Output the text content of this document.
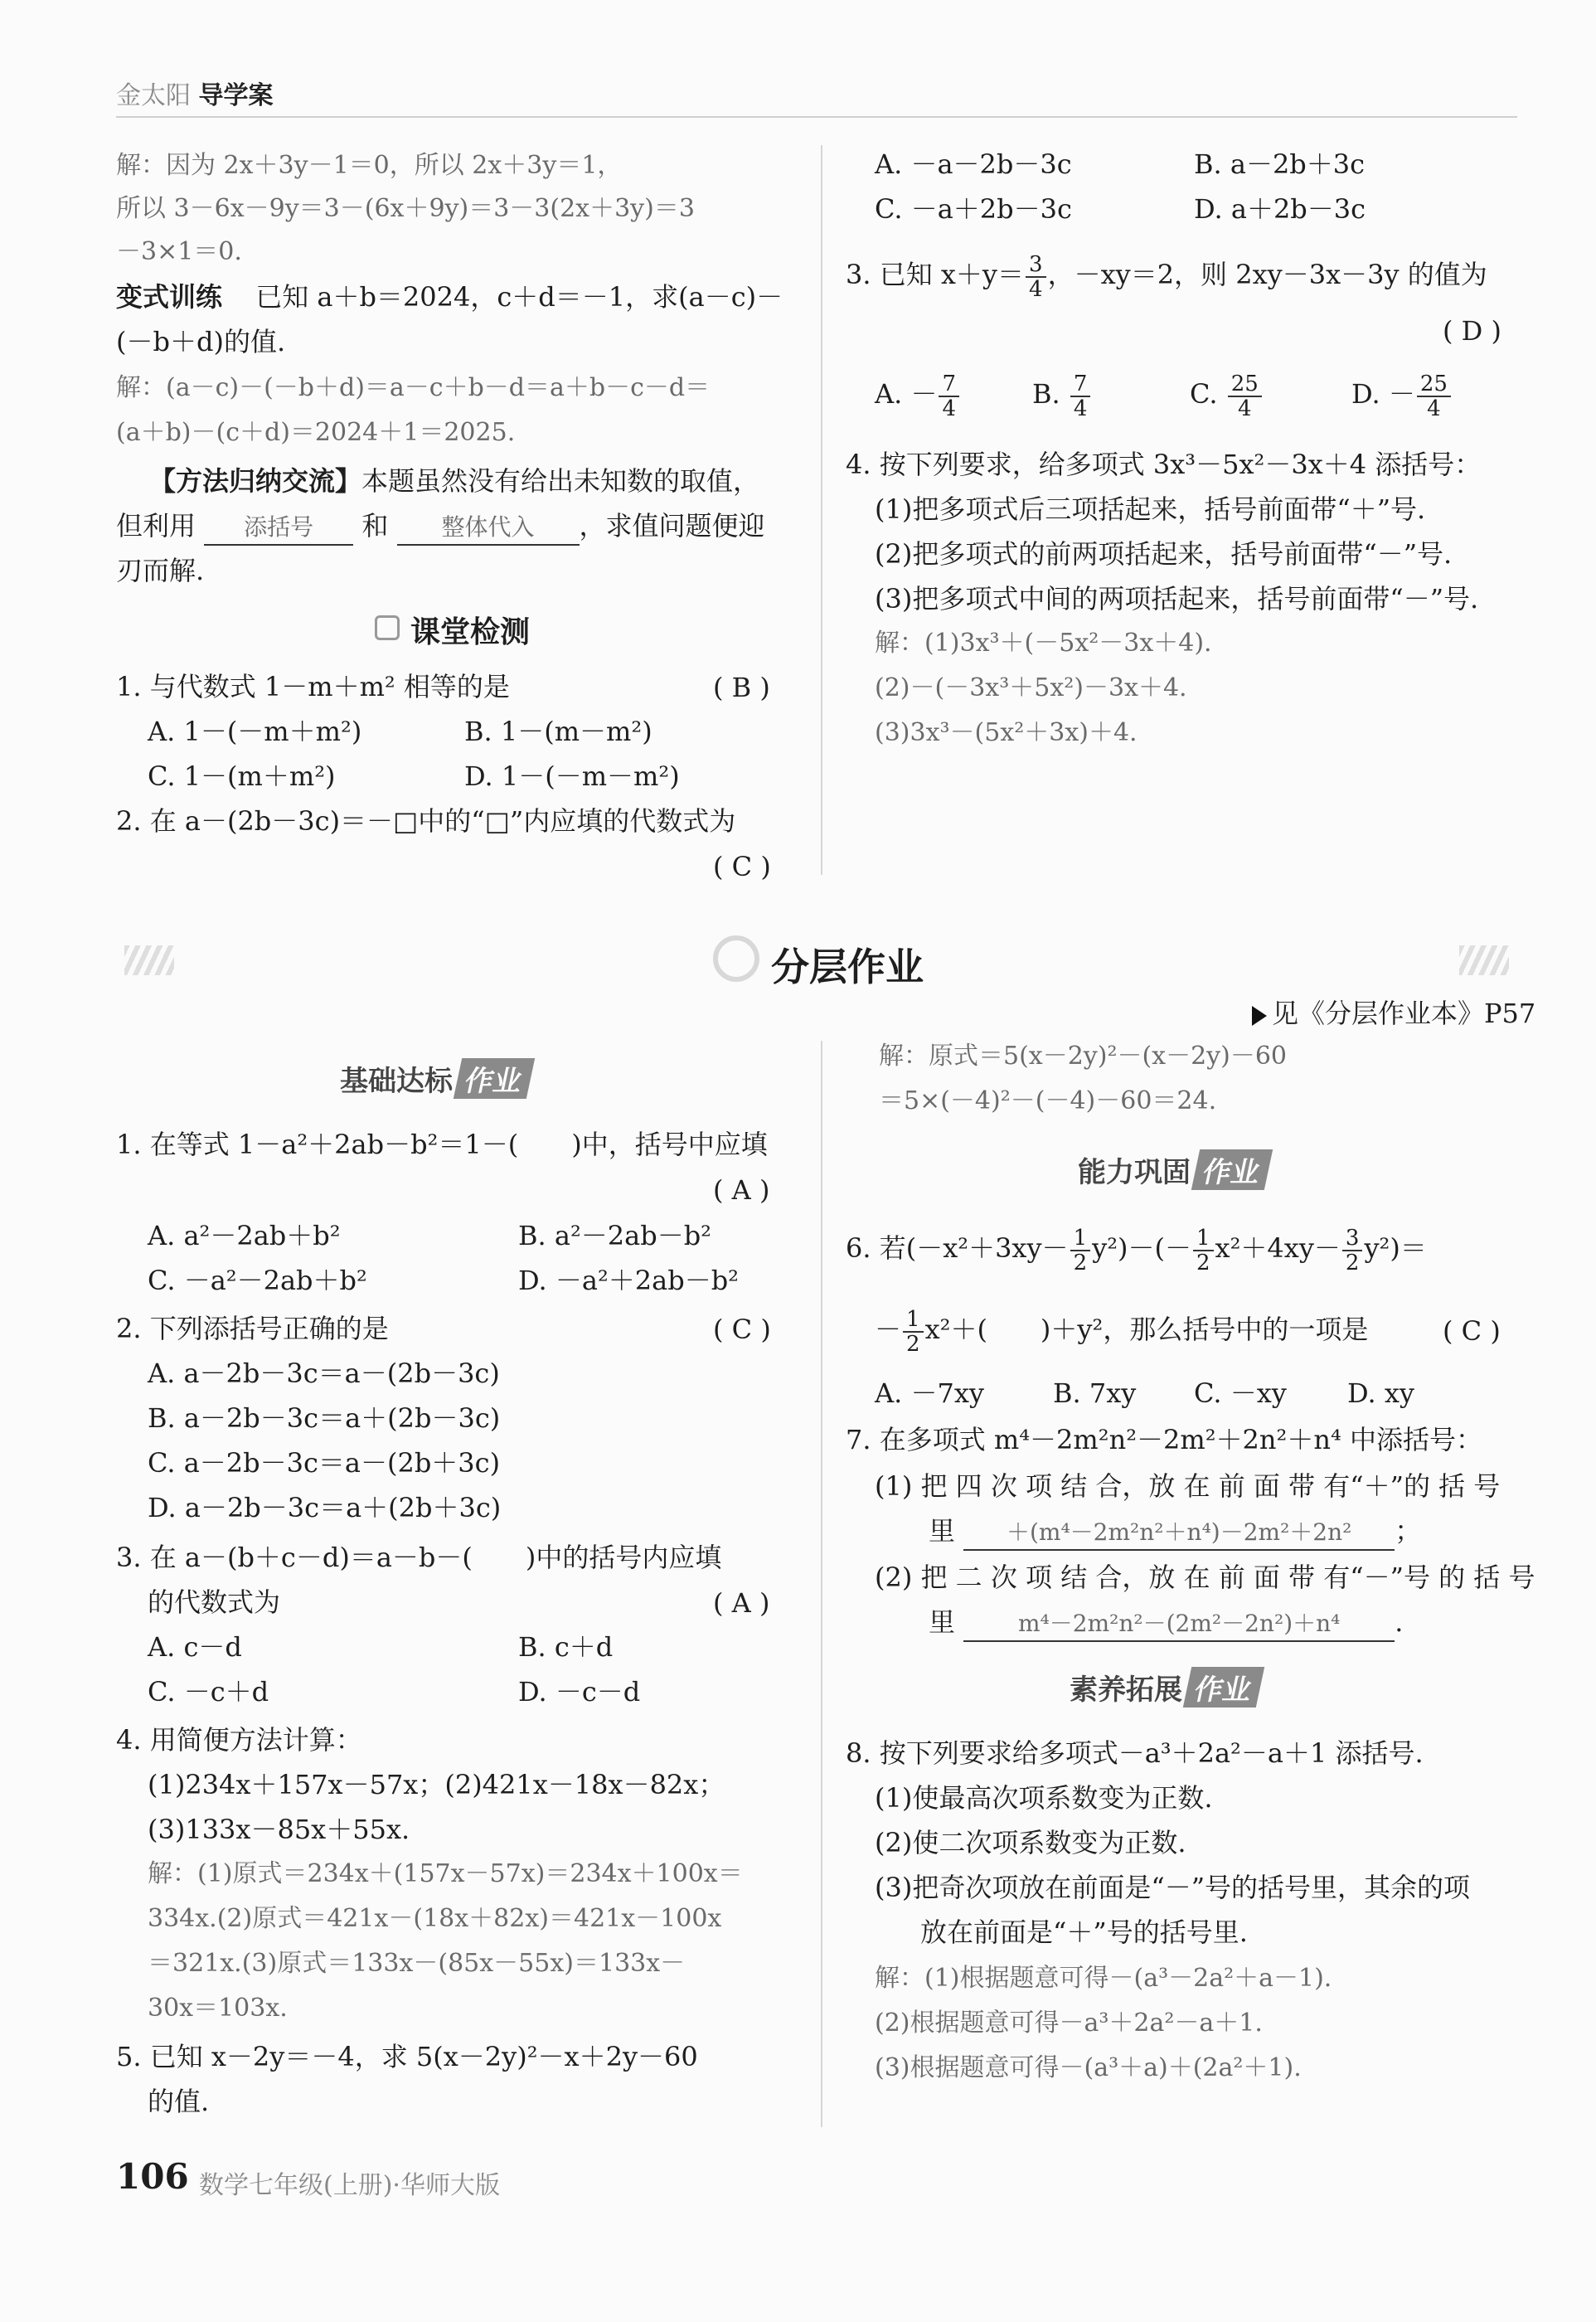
金太阳 导学案
解：因为 2x＋3y－1＝0，所以 2x＋3y＝1，
所以 3－6x－9y＝3－(6x＋9y)＝3－3(2x＋3y)＝3
－3×1＝0.
变式训练 已知 a＋b＝2024，c＋d＝－1，求(a－c)－
(－b＋d)的值.
解：(a－c)－(－b＋d)＝a－c＋b－d＝a＋b－c－d＝
(a＋b)－(c＋d)＝2024＋1＝2025.
【方法归纳交流】本题虽然没有给出未知数的取值，
但利用 添括号 和 整体代入 ，求值问题便迎
刃而解.
课堂检测
1. 与代数式 1－m＋m² 相等的是	( B )
A. 1－(－m＋m²)	B. 1－(m－m²)
C. 1－(m＋m²)	D. 1－(－m－m²)
2. 在 a－(2b－3c)＝－□中的“□”内应填的代数式为
( C )
A. －a－2b－3c	B. a－2b＋3c
C. －a＋2b－3c	D. a＋2b－3c
3. 已知 $x+y= \frac{3}{4}$ ，－xy＝2，则 2xy－3x－3y 的值为
( D )
A. － $\frac{7}{4}$	B. $\frac{7}{4}$	C. $\frac{25}{4}$	D. － $\frac{25}{4}$
4. 按下列要求，给多项式 3x³－5x²－3x＋4 添括号：
(1)把多项式后三项括起来，括号前面带“＋”号.
(2)把多项式的前两项括起来，括号前面带“－”号.
(3)把多项式中间的两项括起来，括号前面带“－”号.
解：(1)3x³＋(－5x²－3x＋4).
(2)－(－3x³＋5x²)－3x＋4.
(3)3x³－(5x²＋3x)＋4.
分层作业
见《分层作业本》P57
基础达标 作业
1. 在等式 1－a²＋2ab－b²＝1－(　　)中，括号中应填
( A )
A. a²－2ab＋b²	B. a²－2ab－b²
C. －a²－2ab＋b²	D. －a²＋2ab－b²
2. 下列添括号正确的是	( C )
A. a－2b－3c＝a－(2b－3c)
B. a－2b－3c＝a＋(2b－3c)
C. a－2b－3c＝a－(2b＋3c)
D. a－2b－3c＝a＋(2b＋3c)
3. 在 a－(b＋c－d)＝a－b－(　　)中的括号内应填
的代数式为	( A )
A. c－d	B. c＋d
C. －c＋d	D. －c－d
4. 用简便方法计算：
(1)234x＋157x－57x；(2)421x－18x－82x；
(3)133x－85x＋55x.
解：(1)原式＝234x＋(157x－57x)＝234x＋100x＝
334x.(2)原式＝421x－(18x＋82x)＝421x－100x
＝321x.(3)原式＝133x－(85x－55x)＝133x－
30x＝103x.
5. 已知 x－2y＝－4，求 5(x－2y)²－x＋2y－60
的值.
解：原式＝5(x－2y)²－(x－2y)－60
＝5×(－4)²－(－4)－60＝24.
能力巩固 作业
6. 若$(-x^2+3xy- \frac{1}{2} y^2)-(- \frac{1}{2} x^2+4xy- \frac{3}{2} y^2)=$
－ $\frac{1}{2} x^2+$(　　)＋y²，那么括号中的一项是	( C )
A. －7xy	B. 7xy C. －xy D. xy
7. 在多项式 m⁴－2m²n²－2m²＋2n²＋n⁴ 中添括号：
(1) 把 四 次 项 结 合，放 在 前 面 带 有“＋”的 括 号
里 ＋(m⁴－2m²n²＋n⁴)－2m²＋2n² ；
(2) 把 二 次 项 结 合，放 在 前 面 带 有“－”号 的 括 号
里	m⁴－2m²n²－(2m²－2n²)＋n⁴ .
素养拓展 作业
8. 按下列要求给多项式－a³＋2a²－a＋1 添括号.
(1)使最高次项系数变为正数.
(2)使二次项系数变为正数.
(3)把奇次项放在前面是“－”号的括号里，其余的项
放在前面是“＋”号的括号里.
解：(1)根据题意可得－(a³－2a²＋a－1).
(2)根据题意可得－a³＋2a²－a＋1.
(3)根据题意可得－(a³＋a)＋(2a²＋1).
106 数学七年级(上册)·华师大版
